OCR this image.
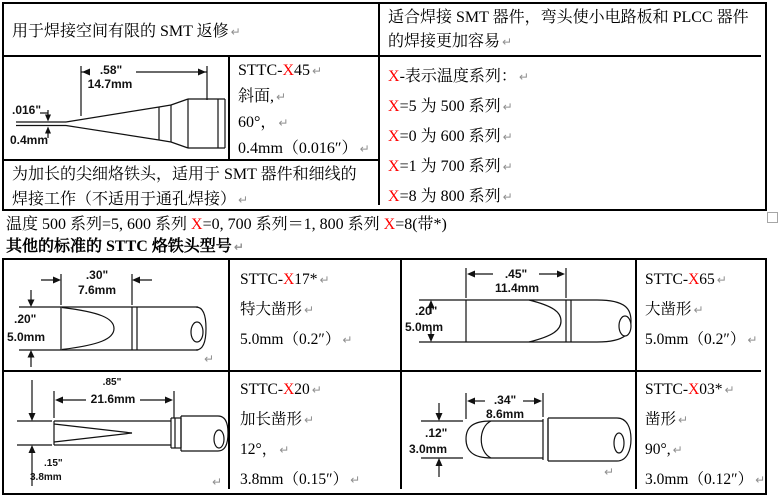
用于焊接空间有限的 SMT 返修 ↵
适合焊接 SMT 器件，弯头使小电路板和 PLCC 器件的焊接更加容易 ↵
.58"
14.7mm
.016"
0.4mm
STTC-X45 ↵
斜面, ↵
60°， ↵
0.4mm（0.016″） ↵
X-表示温度系列： ↵
X=5 为 500 系列 ↵
X=0 为 600 系列 ↵
X=1 为 700 系列 ↵
X=8 为 800 系列 ↵
为加长的尖细烙铁头，适用于 SMT 器件和细线的焊接工作（不适用于通孔焊接） ↵
温度 500 系列=5, 600 系列 X=0, 700 系列＝1, 800 系列 X=8(带*)
其他的标准的 STTC 烙铁头型号 ↵
.30"
7.6mm
.20"
5.0mm
↵
STTC-X17* ↵
特大凿形 ↵
5.0mm（0.2″） ↵
.45"
11.4mm
.20"
5.0mm
STTC-X65 ↵
大凿形 ↵
5.0mm（0.2″） ↵
.85"
21.6mm
.15"
3.8mm	↵
STTC-X20 ↵
加长凿形 ↵
12°， ↵
3.8mm（0.15″） ↵
.34"
8.6mm
.12"
3.0mm
↵
STTC-X03* ↵
凿形 ↵
90°, ↵
3.0mm（0.12″） ↵
